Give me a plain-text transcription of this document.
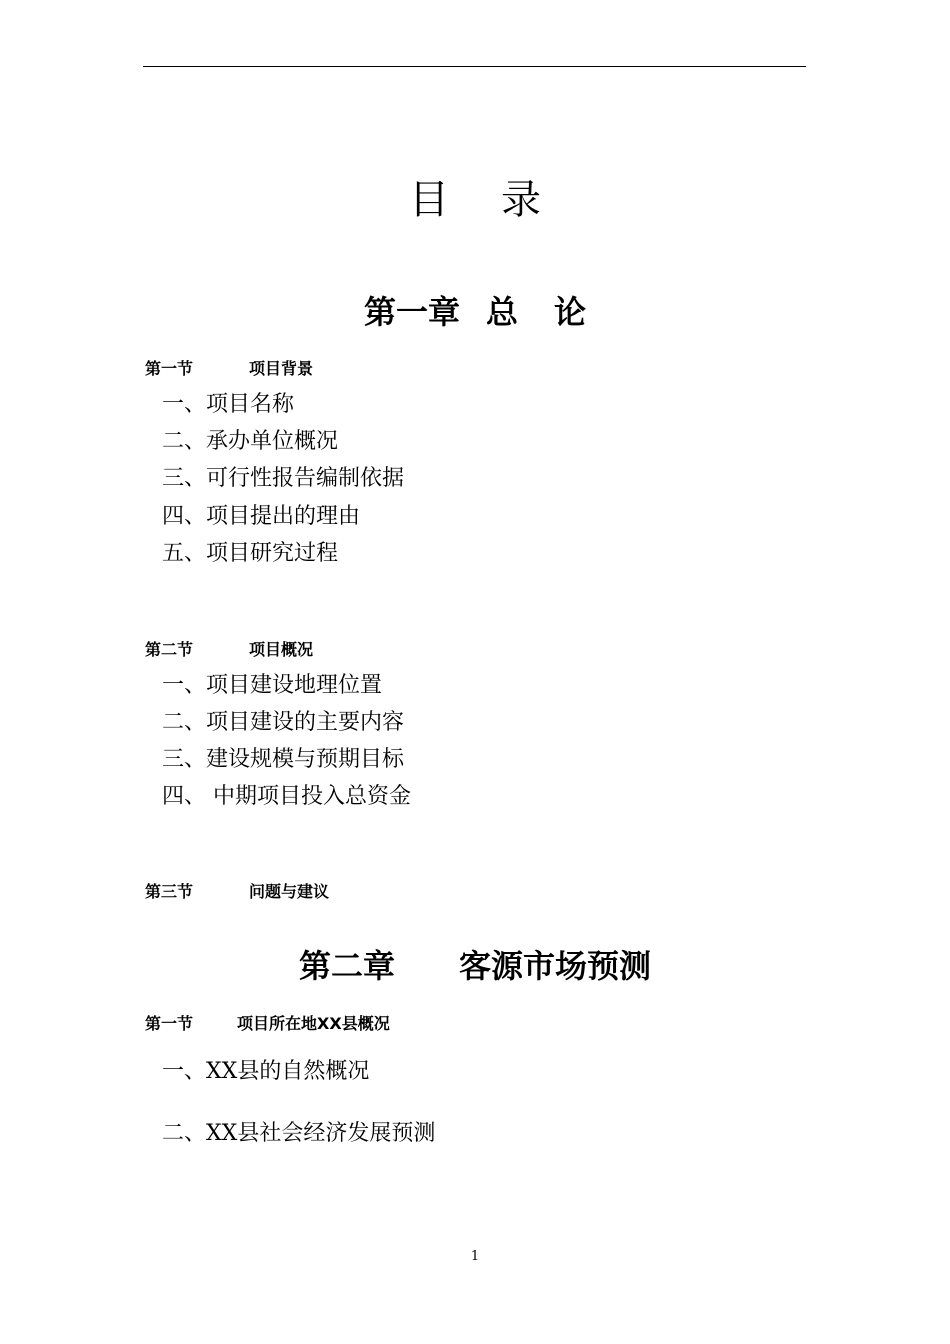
目 录
第一章 总 论
第一节	项目背景
一、项目名称
二、承办单位概况
三、可行性报告编制依据
四、项目提出的理由
五、项目研究过程
第二节	项目概况
一、项目建设地理位置
二、项目建设的主要内容
三、建设规模与预期目标
四、 中期项目投入总资金
第三节	问题与建议
第二章 客源市场预测
第一节	项目所在地XX县概况
一、XX县的自然概况
二、XX县社会经济发展预测
1
